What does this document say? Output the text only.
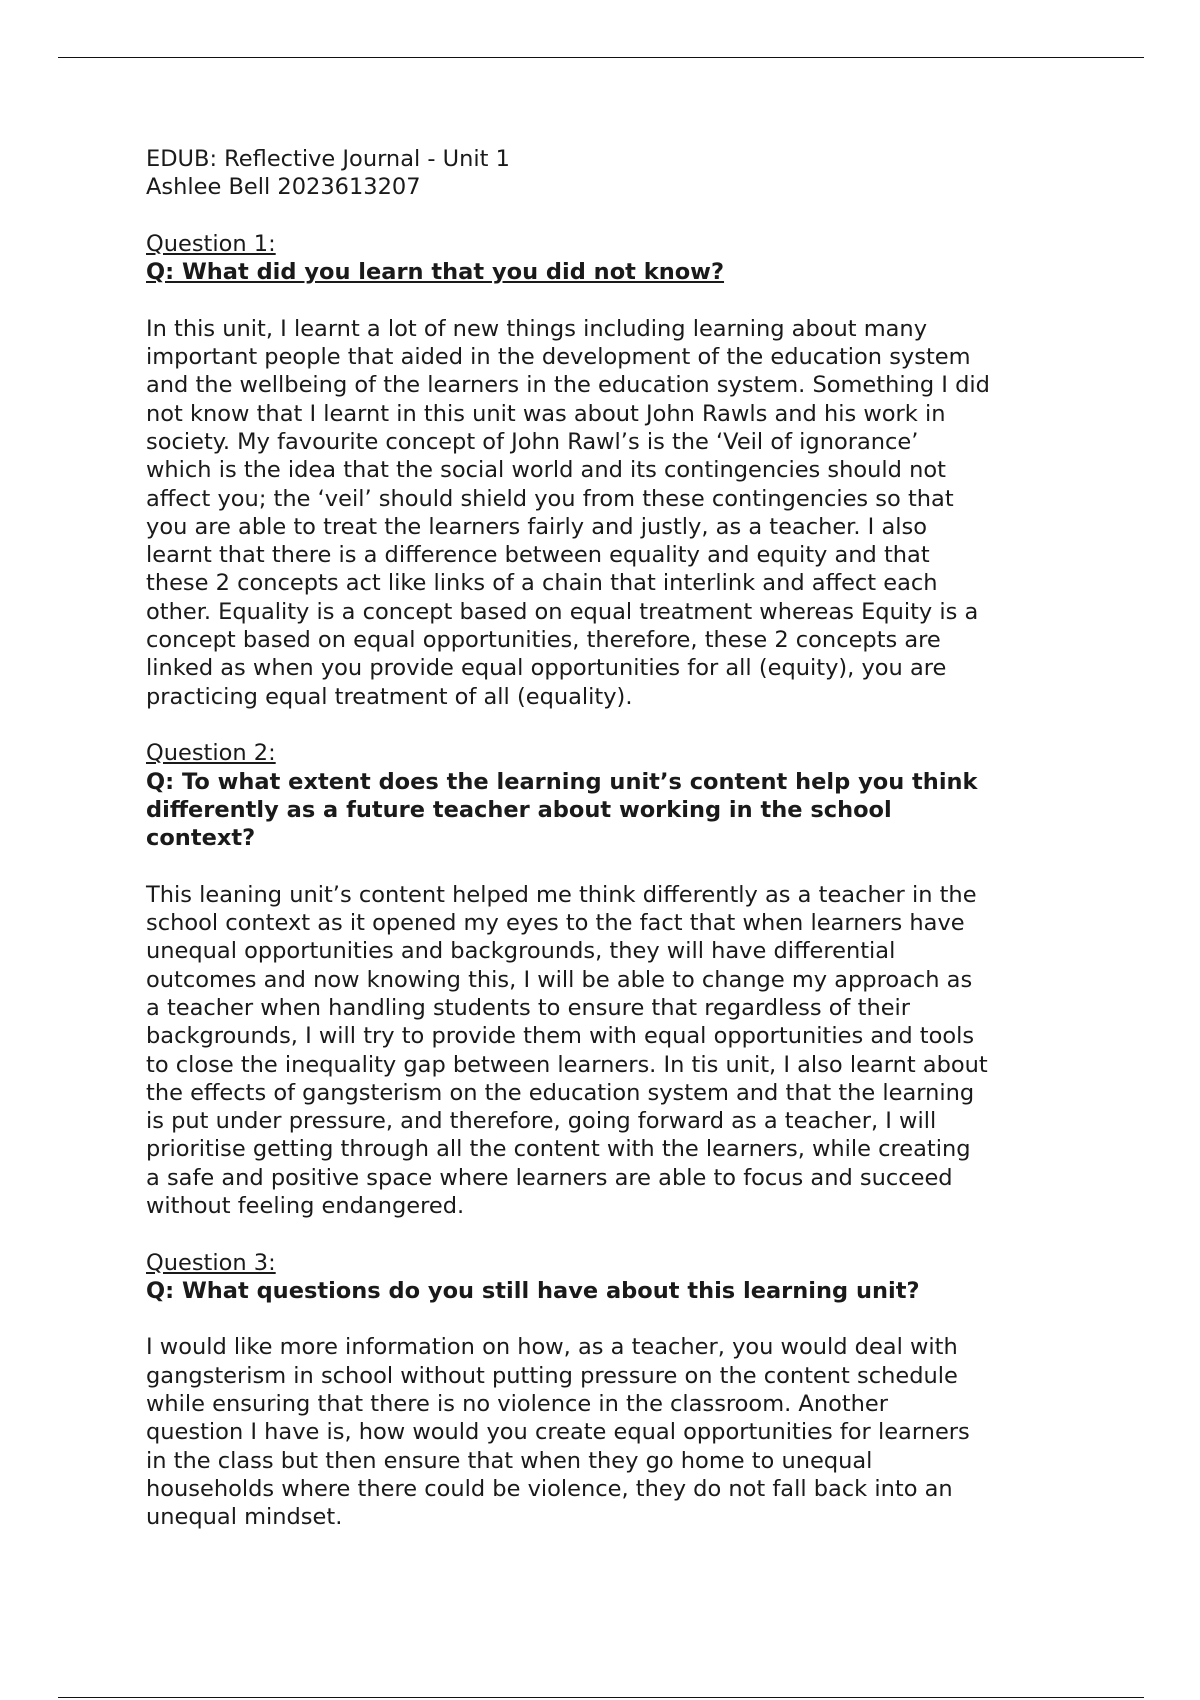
EDUB: Reflective Journal - Unit 1
Ashlee Bell 2023613207

Question 1:
Q: What did you learn that you did not know?

In this unit, I learnt a lot of new things including learning about many
important people that aided in the development of the education system
and the wellbeing of the learners in the education system. Something I did
not know that I learnt in this unit was about John Rawls and his work in
society. My favourite concept of John Rawl’s is the ‘Veil of ignorance’
which is the idea that the social world and its contingencies should not
affect you; the ‘veil’ should shield you from these contingencies so that
you are able to treat the learners fairly and justly, as a teacher. I also
learnt that there is a difference between equality and equity and that
these 2 concepts act like links of a chain that interlink and affect each
other. Equality is a concept based on equal treatment whereas Equity is a
concept based on equal opportunities, therefore, these 2 concepts are
linked as when you provide equal opportunities for all (equity), you are
practicing equal treatment of all (equality).

Question 2:
Q: To what extent does the learning unit’s content help you think
differently as a future teacher about working in the school
context?

This leaning unit’s content helped me think differently as a teacher in the
school context as it opened my eyes to the fact that when learners have
unequal opportunities and backgrounds, they will have differential
outcomes and now knowing this, I will be able to change my approach as
a teacher when handling students to ensure that regardless of their
backgrounds, I will try to provide them with equal opportunities and tools
to close the inequality gap between learners. In tis unit, I also learnt about
the effects of gangsterism on the education system and that the learning
is put under pressure, and therefore, going forward as a teacher, I will
prioritise getting through all the content with the learners, while creating
a safe and positive space where learners are able to focus and succeed
without feeling endangered.

Question 3:
Q: What questions do you still have about this learning unit?

I would like more information on how, as a teacher, you would deal with
gangsterism in school without putting pressure on the content schedule
while ensuring that there is no violence in the classroom. Another
question I have is, how would you create equal opportunities for learners
in the class but then ensure that when they go home to unequal
households where there could be violence, they do not fall back into an
unequal mindset.
